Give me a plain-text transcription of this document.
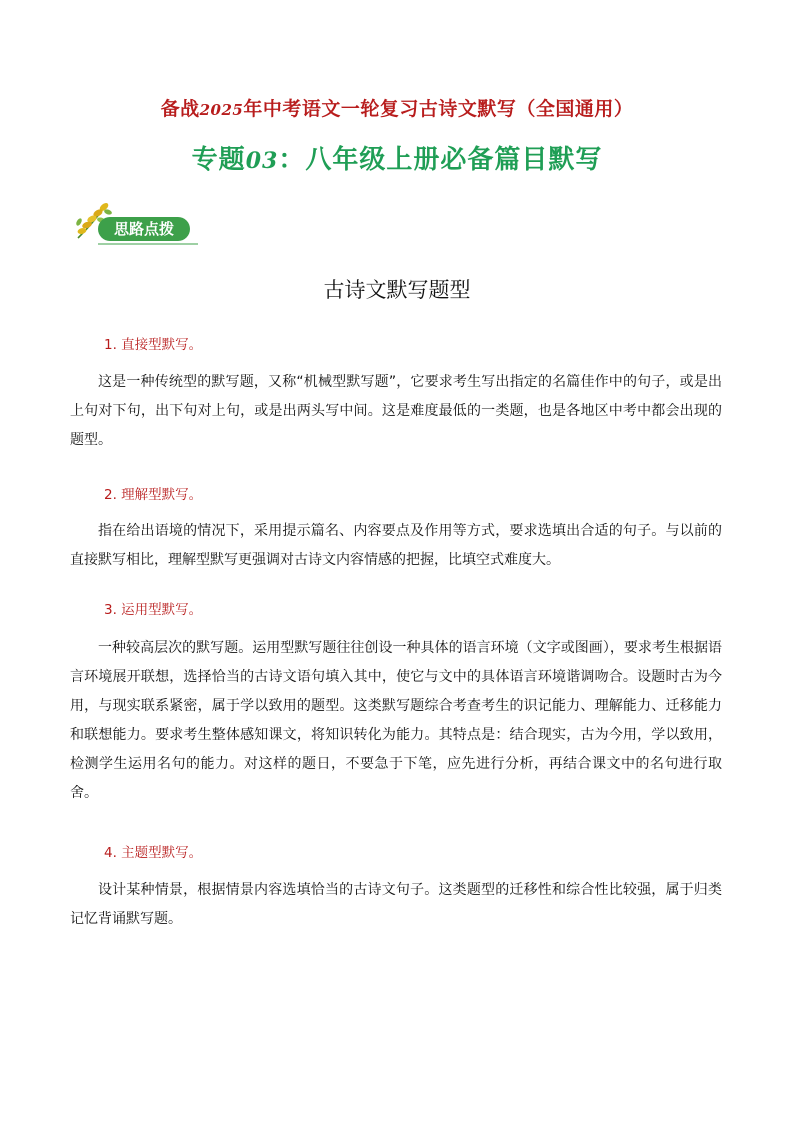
备战2025年中考语文一轮复习古诗文默写（全国通用）
专题03：八年级上册必备篇目默写
思路点拨
古诗文默写题型
1. 直接型默写。
这是一种传统型的默写题，又称“机械型默写题”，它要求考生写出指定的名篇佳作中的句子，或是出上句对下句，出下句对上句，或是出两头写中间。这是难度最低的一类题，也是各地区中考中都会出现的题型。
2. 理解型默写。
指在给出语境的情况下，采用提示篇名、内容要点及作用等方式，要求选填出合适的句子。与以前的直接默写相比，理解型默写更强调对古诗文内容情感的把握，比填空式难度大。
3. 运用型默写。
一种较高层次的默写题。运用型默写题往往创设一种具体的语言环境（文字或图画），要求考生根据语言环境展开联想，选择恰当的古诗文语句填入其中，使它与文中的具体语言环境谐调吻合。设题时古为今用，与现实联系紧密，属于学以致用的题型。这类默写题综合考查考生的识记能力、理解能力、迁移能力和联想能力。要求考生整体感知课文，将知识转化为能力。其特点是：结合现实，古为今用，学以致用，检测学生运用名句的能力。对这样的题日，不要急于下笔，应先进行分析，再结合课文中的名句进行取舍。
4. 主题型默写。
设计某种情景，根据情景内容选填恰当的古诗文句子。这类题型的迁移性和综合性比较强，属于归类记忆背诵默写题。
